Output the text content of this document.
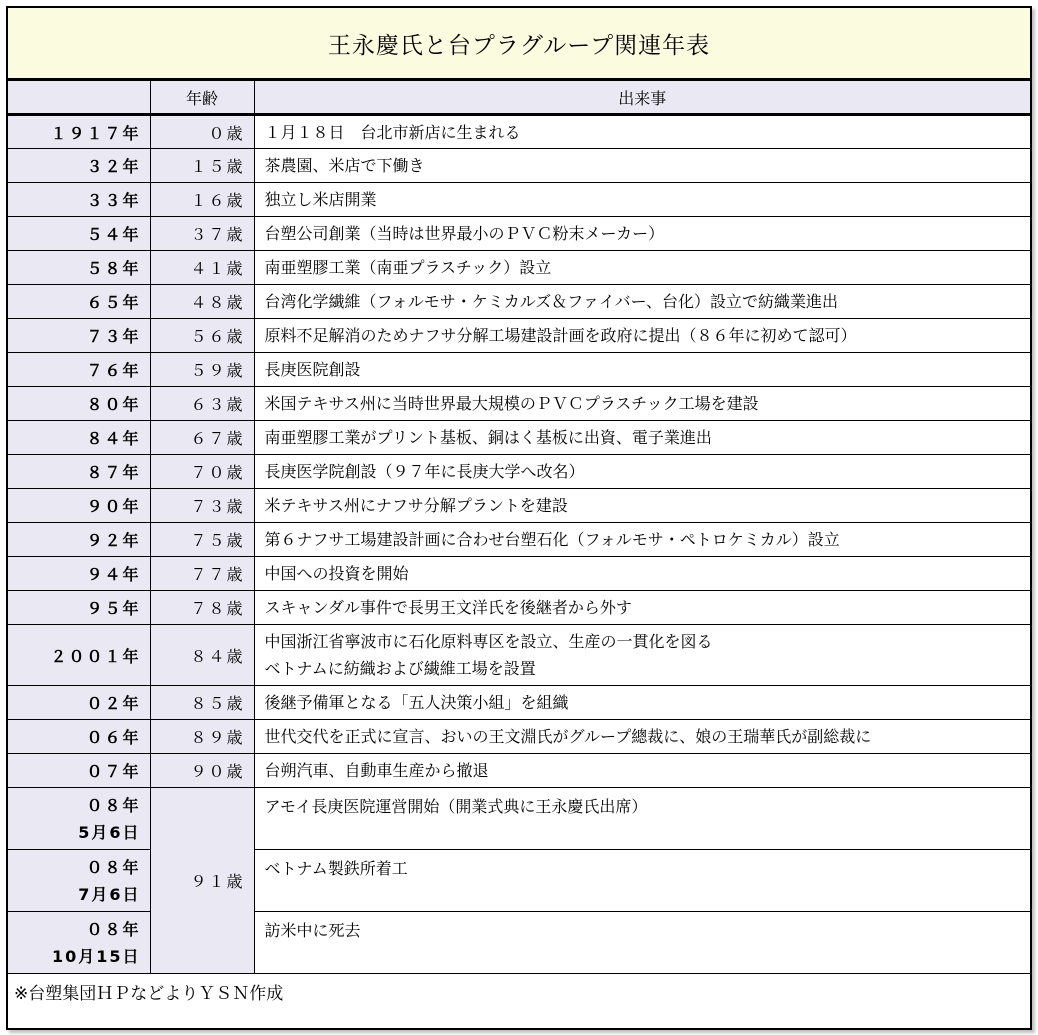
王永慶氏と台プラグループ関連年表
	年齢	出来事
１９１７年	０歳	１月１８日　台北市新店に生まれる

３２年	１５歳	茶農園、米店で下働き

３３年	１６歳	独立し米店開業

５４年	３７歳	台塑公司創業（当時は世界最小のＰＶＣ粉末メーカー）

５８年	４１歳	南亜塑膠工業（南亜プラスチック）設立

６５年	４８歳	台湾化学繊維（フォルモサ・ケミカルズ＆ファイバー、台化）設立で紡織業進出

７３年	５６歳	原料不足解消のためナフサ分解工場建設計画を政府に提出（８６年に初めて認可）

７６年	５９歳	長庚医院創設

８０年	６３歳	米国テキサス州に当時世界最大規模のＰＶＣプラスチック工場を建設

８４年	６７歳	南亜塑膠工業がプリント基板、銅はく基板に出資、電子業進出

８７年	７０歳	長庚医学院創設（９７年に長庚大学へ改名）

９０年	７３歳	米テキサス州にナフサ分解プラントを建設

９２年	７５歳	第６ナフサ工場建設計画に合わせ台塑石化（フォルモサ・ペトロケミカル）設立

９４年	７７歳	中国への投資を開始

９５年	７８歳	スキャンダル事件で長男王文洋氏を後継者から外す

２００１年	８４歳	中国浙江省寧波市に石化原料専区を設立、生産の一貫化を図る
ベトナムに紡織および繊維工場を設置

０２年	８５歳	後継予備軍となる「五人決策小組」を組織

０６年	８９歳	世代交代を正式に宣言、おいの王文淵氏がグループ總裁に、娘の王瑞華氏が副総裁に

０７年	９０歳	台朔汽車、自動車生産から撤退

０８年
5月6日	９１歳	アモイ長庚医院運営開始（開業式典に王永慶氏出席）

０８年
7月6日		ベトナム製鉄所着工

０８年
10月15日		訪米中に死去
※台塑集団ＨＰなどよりＹＳＮ作成		
